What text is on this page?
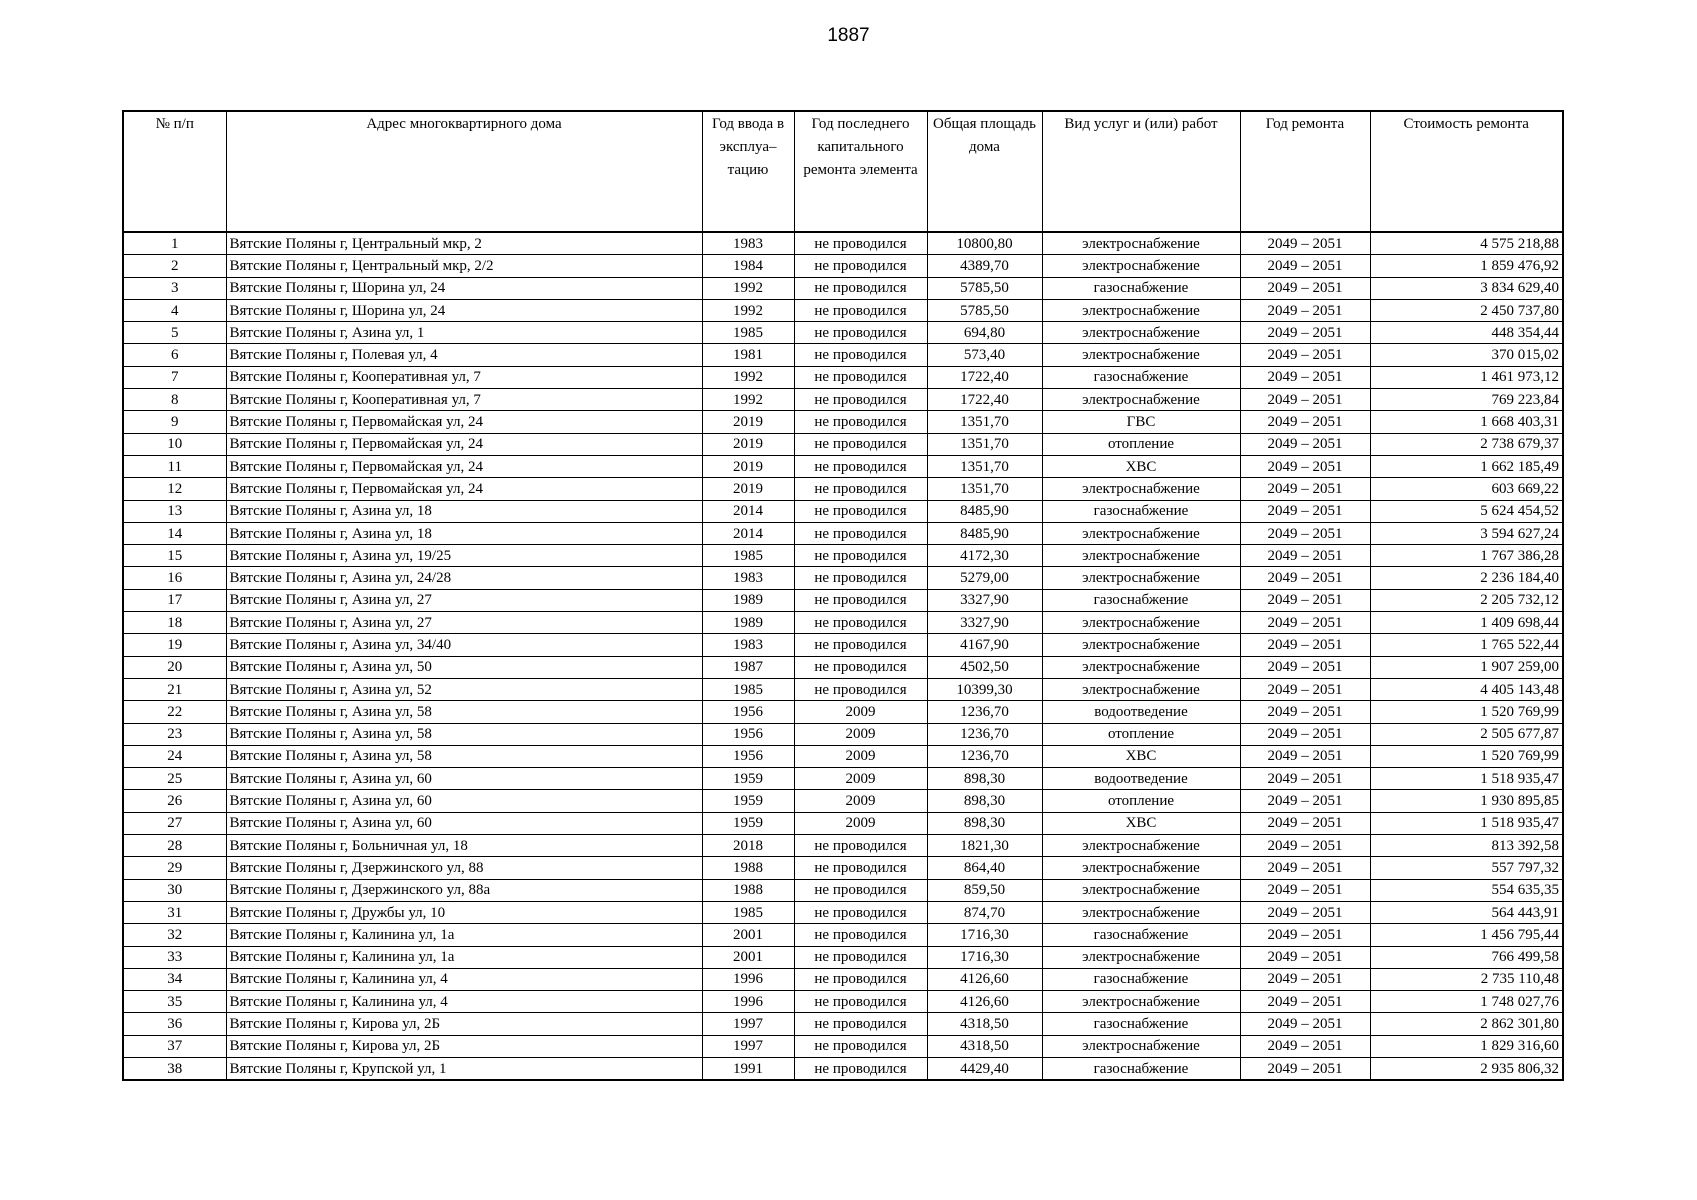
1887
№ п/п	Адрес многоквартирного дома	Год ввода в эксплуа– тацию	Год последнего капитального ремонта элемента	Общая площадь дома	Вид услуг и (или) работ	Год ремонта	Стоимость ремонта
1	Вятские Поляны г, Центральный мкр, 2	1983	не проводился	10800,80	электроснабжение	2049 – 2051	4 575 218,88
2	Вятские Поляны г, Центральный мкр, 2/2	1984	не проводился	4389,70	электроснабжение	2049 – 2051	1 859 476,92
3	Вятские Поляны г, Шорина ул, 24	1992	не проводился	5785,50	газоснабжение	2049 – 2051	3 834 629,40
4	Вятские Поляны г, Шорина ул, 24	1992	не проводился	5785,50	электроснабжение	2049 – 2051	2 450 737,80
5	Вятские Поляны г, Азина ул, 1	1985	не проводился	694,80	электроснабжение	2049 – 2051	448 354,44
6	Вятские Поляны г, Полевая ул, 4	1981	не проводился	573,40	электроснабжение	2049 – 2051	370 015,02
7	Вятские Поляны г, Кооперативная ул, 7	1992	не проводился	1722,40	газоснабжение	2049 – 2051	1 461 973,12
8	Вятские Поляны г, Кооперативная ул, 7	1992	не проводился	1722,40	электроснабжение	2049 – 2051	769 223,84
9	Вятские Поляны г, Первомайская ул, 24	2019	не проводился	1351,70	ГВС	2049 – 2051	1 668 403,31
10	Вятские Поляны г, Первомайская ул, 24	2019	не проводился	1351,70	отопление	2049 – 2051	2 738 679,37
11	Вятские Поляны г, Первомайская ул, 24	2019	не проводился	1351,70	ХВС	2049 – 2051	1 662 185,49
12	Вятские Поляны г, Первомайская ул, 24	2019	не проводился	1351,70	электроснабжение	2049 – 2051	603 669,22
13	Вятские Поляны г, Азина ул, 18	2014	не проводился	8485,90	газоснабжение	2049 – 2051	5 624 454,52
14	Вятские Поляны г, Азина ул, 18	2014	не проводился	8485,90	электроснабжение	2049 – 2051	3 594 627,24
15	Вятские Поляны г, Азина ул, 19/25	1985	не проводился	4172,30	электроснабжение	2049 – 2051	1 767 386,28
16	Вятские Поляны г, Азина ул, 24/28	1983	не проводился	5279,00	электроснабжение	2049 – 2051	2 236 184,40
17	Вятские Поляны г, Азина ул, 27	1989	не проводился	3327,90	газоснабжение	2049 – 2051	2 205 732,12
18	Вятские Поляны г, Азина ул, 27	1989	не проводился	3327,90	электроснабжение	2049 – 2051	1 409 698,44
19	Вятские Поляны г, Азина ул, 34/40	1983	не проводился	4167,90	электроснабжение	2049 – 2051	1 765 522,44
20	Вятские Поляны г, Азина ул, 50	1987	не проводился	4502,50	электроснабжение	2049 – 2051	1 907 259,00
21	Вятские Поляны г, Азина ул, 52	1985	не проводился	10399,30	электроснабжение	2049 – 2051	4 405 143,48
22	Вятские Поляны г, Азина ул, 58	1956	2009	1236,70	водоотведение	2049 – 2051	1 520 769,99
23	Вятские Поляны г, Азина ул, 58	1956	2009	1236,70	отопление	2049 – 2051	2 505 677,87
24	Вятские Поляны г, Азина ул, 58	1956	2009	1236,70	ХВС	2049 – 2051	1 520 769,99
25	Вятские Поляны г, Азина ул, 60	1959	2009	898,30	водоотведение	2049 – 2051	1 518 935,47
26	Вятские Поляны г, Азина ул, 60	1959	2009	898,30	отопление	2049 – 2051	1 930 895,85
27	Вятские Поляны г, Азина ул, 60	1959	2009	898,30	ХВС	2049 – 2051	1 518 935,47
28	Вятские Поляны г, Больничная ул, 18	2018	не проводился	1821,30	электроснабжение	2049 – 2051	813 392,58
29	Вятские Поляны г, Дзержинского ул, 88	1988	не проводился	864,40	электроснабжение	2049 – 2051	557 797,32
30	Вятские Поляны г, Дзержинского ул, 88а	1988	не проводился	859,50	электроснабжение	2049 – 2051	554 635,35
31	Вятские Поляны г, Дружбы ул, 10	1985	не проводился	874,70	электроснабжение	2049 – 2051	564 443,91
32	Вятские Поляны г, Калинина ул, 1а	2001	не проводился	1716,30	газоснабжение	2049 – 2051	1 456 795,44
33	Вятские Поляны г, Калинина ул, 1а	2001	не проводился	1716,30	электроснабжение	2049 – 2051	766 499,58
34	Вятские Поляны г, Калинина ул, 4	1996	не проводился	4126,60	газоснабжение	2049 – 2051	2 735 110,48
35	Вятские Поляны г, Калинина ул, 4	1996	не проводился	4126,60	электроснабжение	2049 – 2051	1 748 027,76
36	Вятские Поляны г, Кирова ул, 2Б	1997	не проводился	4318,50	газоснабжение	2049 – 2051	2 862 301,80
37	Вятские Поляны г, Кирова ул, 2Б	1997	не проводился	4318,50	электроснабжение	2049 – 2051	1 829 316,60
38	Вятские Поляны г, Крупской ул, 1	1991	не проводился	4429,40	газоснабжение	2049 – 2051	2 935 806,32
